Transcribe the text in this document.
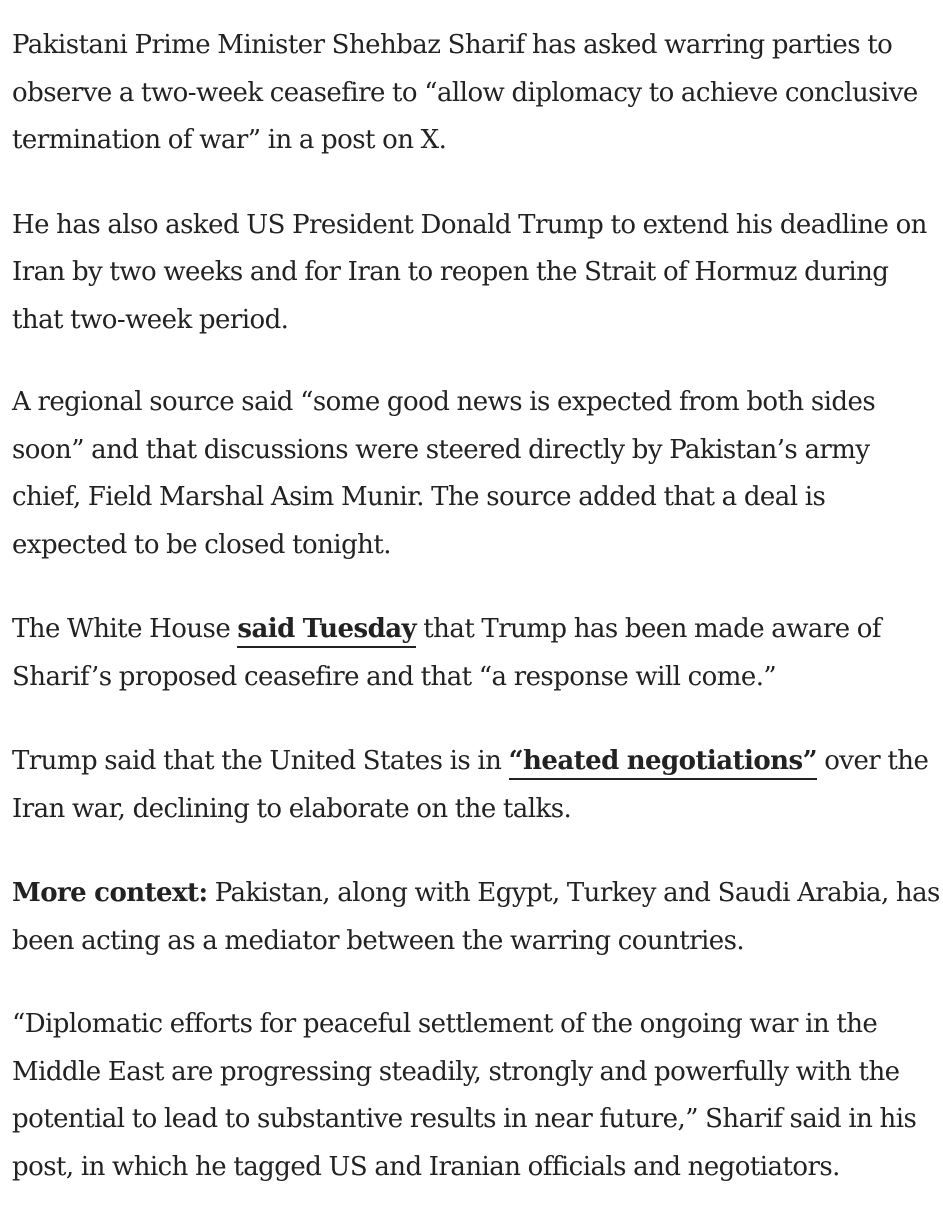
Pakistani Prime Minister Shehbaz Sharif has asked warring parties to observe a two-week ceasefire to “allow diplomacy to achieve conclusive termination of war” in a post on X.

He has also asked US President Donald Trump to extend his deadline on Iran by two weeks and for Iran to reopen the Strait of Hormuz during that two-week period.

A regional source said “some good news is expected from both sides soon” and that discussions were steered directly by Pakistan’s army chief, Field Marshal Asim Munir. The source added that a deal is expected to be closed tonight.

The White House said Tuesday that Trump has been made aware of Sharif’s proposed ceasefire and that “a response will come.”

Trump said that the United States is in “heated negotiations” over the Iran war, declining to elaborate on the talks.

More context: Pakistan, along with Egypt, Turkey and Saudi Arabia, has been acting as a mediator between the warring countries.

“Diplomatic efforts for peaceful settlement of the ongoing war in the Middle East are progressing steadily, strongly and powerfully with the potential to lead to substantive results in near future,” Sharif said in his post, in which he tagged US and Iranian officials and negotiators.
